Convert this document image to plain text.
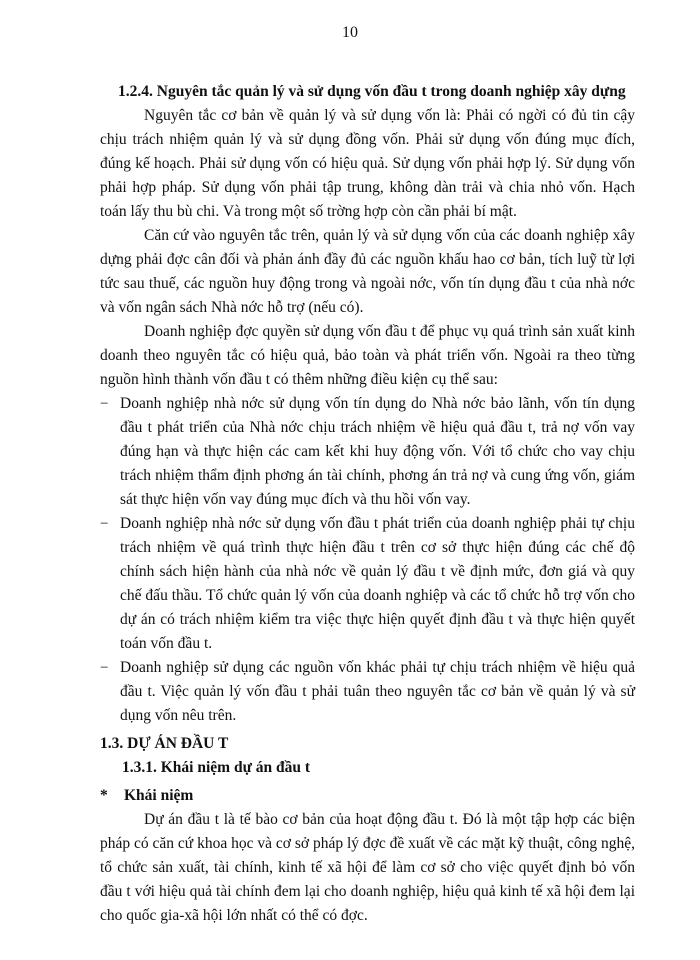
10

1.2.4. Nguyên tắc quản lý và sử dụng vốn đầu t trong doanh nghiệp xây dựng

Nguyên tắc cơ bản về quản lý và sử dụng vốn là: Phải có ngời có đủ tin cậy chịu trách nhiệm quản lý và sử dụng đồng vốn. Phải sử dụng vốn đúng mục đích, đúng kế hoạch. Phải sử dụng vốn có hiệu quả. Sử dụng vốn phải hợp lý. Sử dụng vốn phải hợp pháp. Sử dụng vốn phải tập trung, không dàn trải và chia nhỏ vốn. Hạch toán lấy thu bù chi. Và trong một số trờng hợp còn cần phải bí mật.

Căn cứ vào nguyên tắc trên, quản lý và sử dụng vốn của các doanh nghiệp xây dựng phải đợc cân đối và phản ánh đầy đủ các nguồn khấu hao cơ bản, tích luỹ từ lợi tức sau thuế, các nguồn huy động trong và ngoài nớc, vốn tín dụng đầu t của nhà nớc và vốn ngân sách Nhà nớc hỗ trợ (nếu có).

Doanh nghiệp đợc quyền sử dụng vốn đầu t để phục vụ quá trình sản xuất kinh doanh theo nguyên tắc có hiệu quả, bảo toàn và phát triển vốn. Ngoài ra theo từng nguồn hình thành vốn đầu t có thêm những điều kiện cụ thể sau:

− Doanh nghiệp nhà nớc sử dụng vốn tín dụng do Nhà nớc bảo lãnh, vốn tín dụng đầu t phát triển của Nhà nớc chịu trách nhiệm về hiệu quả đầu t, trả nợ vốn vay đúng hạn và thực hiện các cam kết khi huy động vốn. Với tổ chức cho vay chịu trách nhiệm thẩm định phơng án tài chính, phơng án trả nợ và cung ứng vốn, giám sát thực hiện vốn vay đúng mục đích và thu hồi vốn vay.
− Doanh nghiệp nhà nớc sử dụng vốn đầu t phát triển của doanh nghiệp phải tự chịu trách nhiệm về quá trình thực hiện đầu t trên cơ sở thực hiện đúng các chế độ chính sách hiện hành của nhà nớc về quản lý đầu t về định mức, đơn giá và quy chế đấu thầu. Tổ chức quản lý vốn của doanh nghiệp và các tổ chức hỗ trợ vốn cho dự án có trách nhiệm kiểm tra việc thực hiện quyết định đầu t và thực hiện quyết toán vốn đầu t.
− Doanh nghiệp sử dụng các nguồn vốn khác phải tự chịu trách nhiệm về hiệu quả đầu t. Việc quản lý vốn đầu t phải tuân theo nguyên tắc cơ bản về quản lý và sử dụng vốn nêu trên.

1.3. DỰ ÁN ĐẦU T

1.3.1. Khái niệm dự án đầu t

* Khái niệm

Dự án đầu t là tế bào cơ bản của hoạt động đầu t. Đó là một tập hợp các biện pháp có căn cứ khoa học và cơ sở pháp lý đợc đề xuất về các mặt kỹ thuật, công nghệ, tổ chức sản xuất, tài chính, kinh tế xã hội để làm cơ sở cho việc quyết định bỏ vốn đầu t với hiệu quả tài chính đem lại cho doanh nghiệp, hiệu quả kinh tế xã hội đem lại cho quốc gia-xã hội lớn nhất có thể có đợc.
